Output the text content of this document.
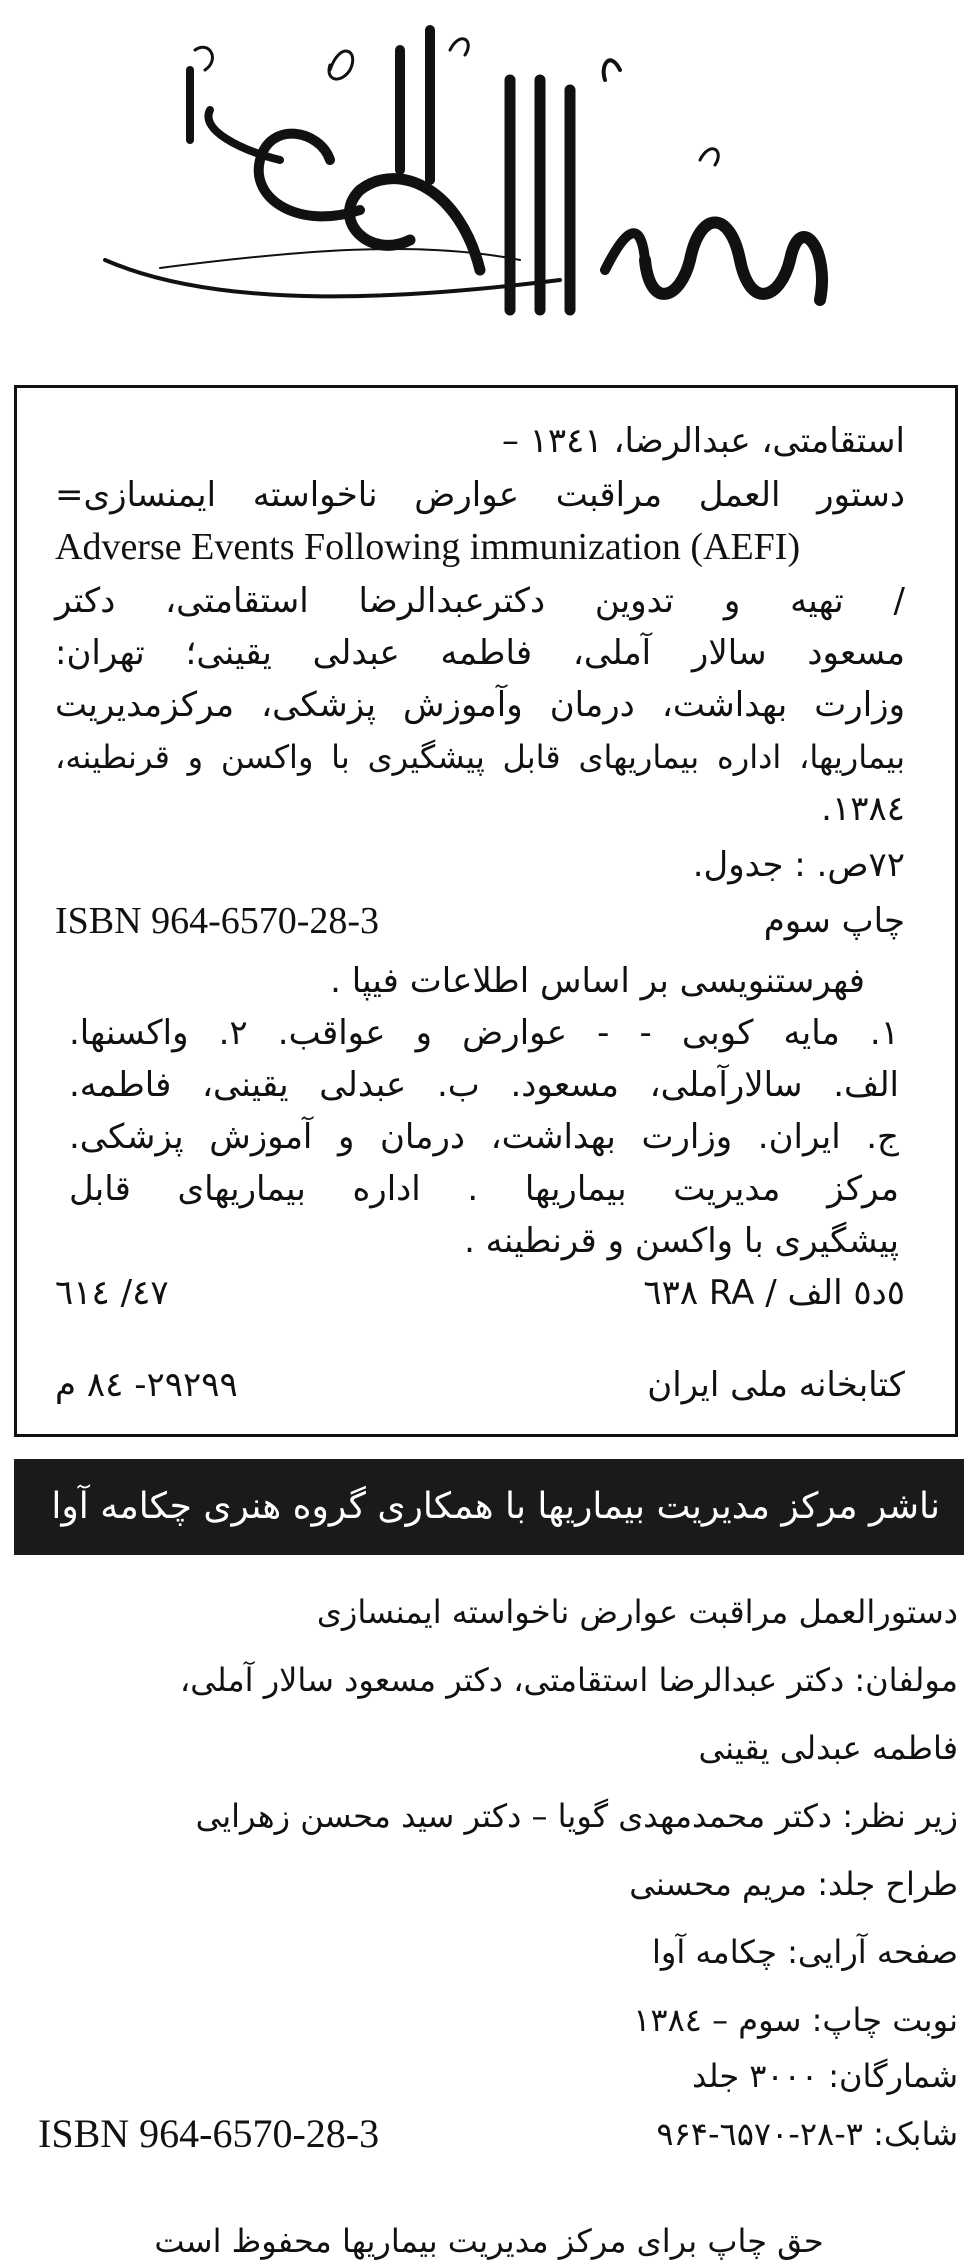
استقامتی، عبدالرضا، ١٣٤١ –
دستور العمل مراقبت عوارض ناخواسته ایمنسازی=
Adverse Events Following immunization (AEFI)
/ تهیه و تدوین دکترعبدالرضا استقامتی، دکتر
مسعود سالار آملی، فاطمه عبدلی یقینی؛ تهران:
وزارت بهداشت، درمان وآموزش پزشکی، مرکزمدیریت
بیماریها، اداره بیماریهای قابل پیشگیری با واکسن و قرنطینه،
١٣٨٤.
٧٢ص. : جدول.
ISBN 964-6570-28-3	چاپ سوم
فهرستنویسی بر اساس اطلاعات فیپا .
١. مایه کوبی - - عوارض و عواقب. ٢. واکسنها.
الف. سالارآملی، مسعود. ب. عبدلی یقینی، فاطمه.
ج. ایران. وزارت بهداشت، درمان و آموزش پزشکی.
مرکز مدیریت بیماریها . اداره بیماریهای قابل
پیشگیری با واکسن و قرنطینه .
٤٧/ ٦١٤	٥د٥ الف / RA ٦٣٨
٢٩٢٩٩- ٨٤ م	کتابخانه ملی ایران
ناشر مرکز مدیریت بیماریها با همکاری گروه هنری چکامه آوا
دستورالعمل مراقبت عوارض ناخواسته ایمنسازی
مولفان: دکتر عبدالرضا استقامتی، دکتر مسعود سالار آملی،
فاطمه عبدلی یقینی
زیر نظر: دکتر محمدمهدی گویا – دکتر سید محسن زهرایی
طراح جلد: مریم محسنی
صفحه آرایی: چکامه آوا
نوبت چاپ: سوم – ١٣٨٤
شمارگان: ٣٠٠٠ جلد
شابک: ٣-٢٨-٦۵٧٠-٩۶۴
ISBN 964-6570-28-3
حق چاپ برای مرکز مدیریت بیماریها محفوظ است
